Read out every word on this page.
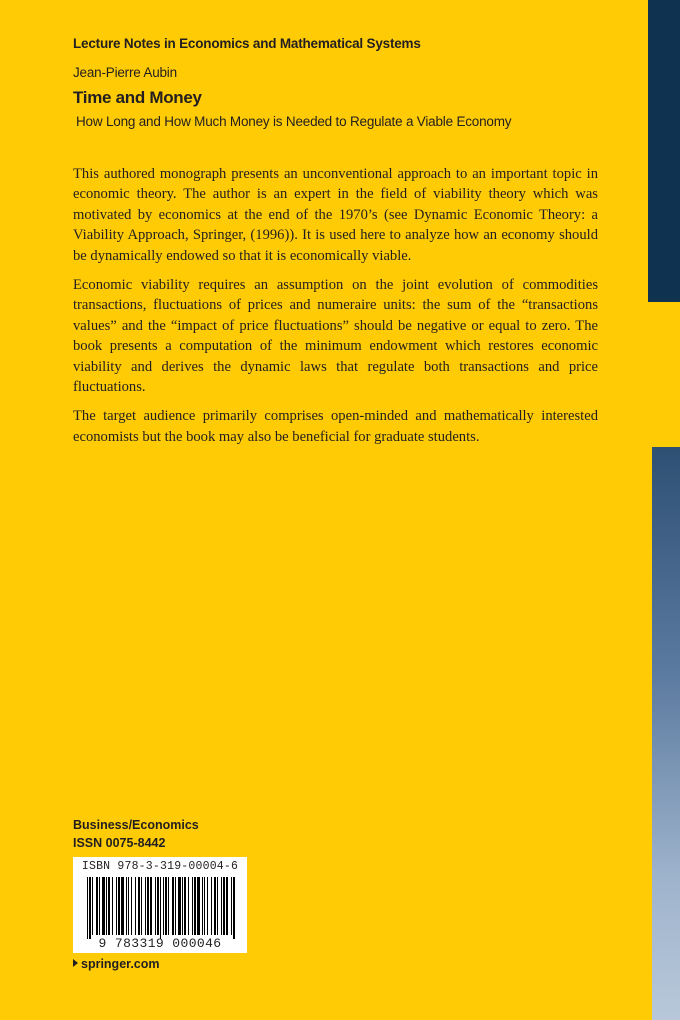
Lecture Notes in Economics and Mathematical Systems
Jean-Pierre Aubin
Time and Money
How Long and How Much Money is Needed to Regulate a Viable Economy

This authored monograph presents an unconventional approach to an important topic in economic theory. The author is an expert in the field of viability theory which was motivated by economics at the end of the 1970’s (see Dynamic Economic Theory: a Viability Approach, Springer, (1996)). It is used here to analyze how an economy should be dynamically endowed so that it is economically viable.

Economic viability requires an assumption on the joint evolution of commodities transactions, fluctuations of prices and numeraire units: the sum of the “transactions values” and the “impact of price fluctuations” should be negative or equal to zero. The book presents a computation of the minimum endowment which restores economic viability and derives the dynamic laws that regulate both transactions and price fluctuations.

The target audience primarily comprises open-minded and mathematically interested economists but the book may also be beneficial for graduate students.

Business/Economics
ISSN 0075-8442
ISBN 978-3-319-00004-6
9 783319 000046
springer.com
